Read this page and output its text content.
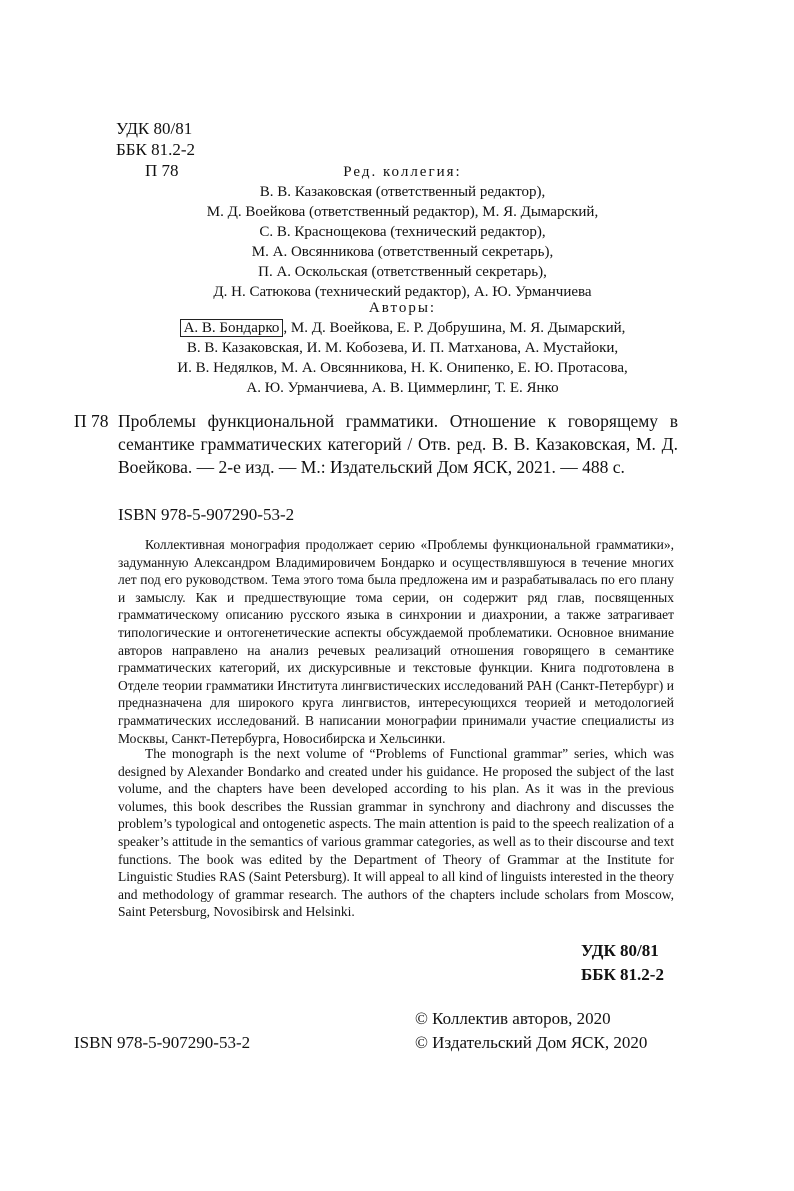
УДК 80/81
ББК 81.2-2
П 78	Ред. коллегия:
В. В. Казаковская (ответственный редактор),
М. Д. Воейкова (ответственный редактор), М. Я. Дымарский,
С. В. Краснощекова (технический редактор),
М. А. Овсянникова (ответственный секретарь),
П. А. Оскольская (ответственный секретарь),
Д. Н. Сатюкова (технический редактор), А. Ю. Урманчиева
Авторы:
А. В. Бондарко , М. Д. Воейкова, Е. Р. Добрушина, М. Я. Дымарский,
В. В. Казаковская, И. М. Кобозева, И. П. Матханова, А. Мустайоки,
И. В. Недялков, М. А. Овсянникова, Н. К. Онипенко, Е. Ю. Протасова,
А. Ю. Урманчиева, А. В. Циммерлинг, Т. Е. Янко
П 78 Проблемы функциональной грамматики. Отношение к говорящему в семантике грамматических категорий / Отв. ред. В. В. Казаковская, М. Д. Воейкова. — 2-е изд. — М.: Издательский Дом ЯСК, 2021. — 488 с.
ISBN 978-5-907290-53-2

Коллективная монография продолжает серию «Проблемы функциональной грамматики», задуманную Александром Владимировичем Бондарко и осуществлявшуюся в течение многих лет под его руководством. Тема этого тома была предложена им и разрабатывалась по его плану и замыслу. Как и предшествующие тома серии, он содержит ряд глав, посвященных грамматическому описанию русского языка в синхронии и диахронии, а также затрагивает типологические и онтогенетические аспекты обсуждаемой проблематики. Основное внимание авторов направлено на анализ речевых реализаций отношения говорящего в семантике грамматических категорий, их дискурсивные и текстовые функции. Книга подготовлена в Отделе теории грамматики Института лингвистических исследований РАН (Санкт-Петербург) и предназначена для широкого круга лингвистов, интересующихся теорией и методологией грамматических исследований. В написании монографии принимали участие специалисты из Москвы, Санкт-Петербурга, Новосибирска и Хельсинки.

The monograph is the next volume of “Problems of Functional grammar” series, which was designed by Alexander Bondarko and created under his guidance. He proposed the subject of the last volume, and the chapters have been developed according to his plan. As it was in the previous volumes, this book describes the Russian grammar in synchrony and diachrony and discusses the problem’s typological and ontogenetic aspects. The main attention is paid to the speech realization of a speaker’s attitude in the semantics of various grammar categories, as well as to their discourse and text functions. The book was edited by the Department of Theory of Grammar at the Institute for Linguistic Studies RAS (Saint Petersburg). It will appeal to all kind of linguists interested in the theory and methodology of grammar research. The authors of the chapters include scholars from Moscow, Saint Petersburg, Novosibirsk and Helsinki.

УДК 80/81
ББК 81.2-2
© Коллектив авторов, 2020
© Издательский Дом ЯСК, 2020
ISBN 978-5-907290-53-2
